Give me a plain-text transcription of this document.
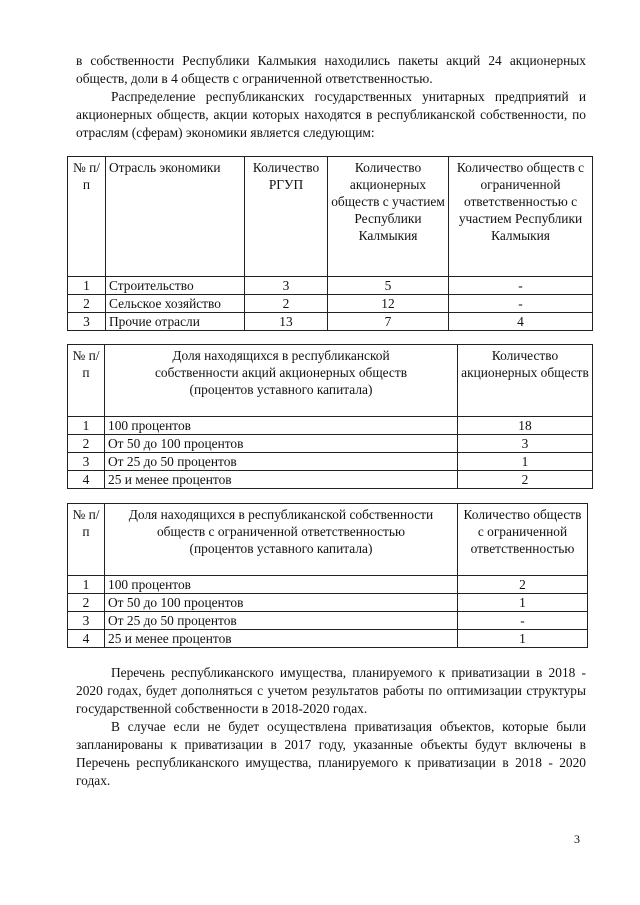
в собственности Республики Калмыкия находились пакеты акций 24 акционерных обществ, доли в 4 обществ с ограниченной ответственностью.

Распределение республиканских государственных унитарных предприятий и акционерных обществ, акции которых находятся в республиканской собственности, по отраслям (сферам) экономики является следующим:

№ п/п	Отрасль экономики	Количество РГУП	Количество акционерных обществ с участием Республики Калмыкия	Количество обществ с ограниченной ответственностью с участием Республики Калмыкия
1	Строительство	3	5	-
2	Сельское хозяйство	2	12	-
3	Прочие отрасли	13	7	4
№ п/п	Доля находящихся в республиканской собственности акций акционерных обществ (процентов уставного капитала)	Количество акционерных обществ
1	100 процентов	18
2	От 50 до 100 процентов	3
3	От 25 до 50 процентов	1
4	25 и менее процентов	2
№ п/п	Доля находящихся в республиканской собственности обществ с ограниченной ответственностью (процентов уставного капитала)	Количество обществ с ограниченной ответственностью
1	100 процентов	2
2	От 50 до 100 процентов	1
3	От 25 до 50 процентов	-
4	25 и менее процентов	1

Перечень республиканского имущества, планируемого к приватизации в 2018 - 2020 годах, будет дополняться с учетом результатов работы по оптимизации структуры государственной собственности в 2018-2020 годах.

В случае если не будет осуществлена приватизация объектов, которые были запланированы к приватизации в 2017 году, указанные объекты будут включены в Перечень республиканского имущества, планируемого к приватизации в 2018 - 2020 годах.

3
